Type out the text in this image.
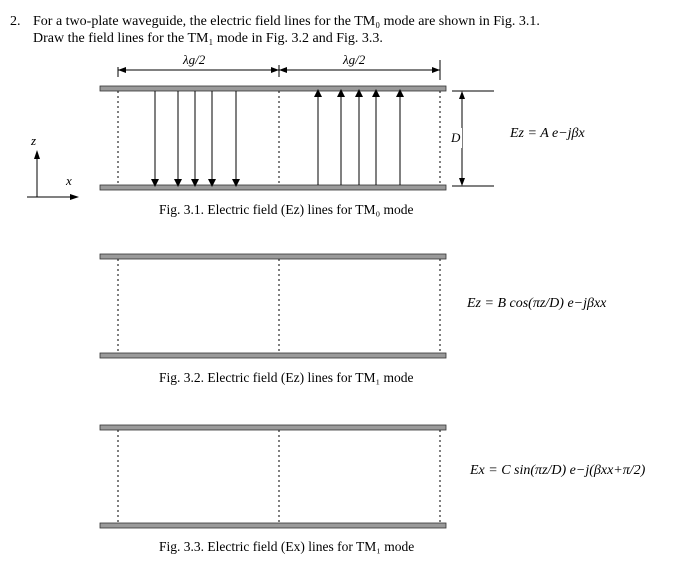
2. For a two-plate waveguide, the electric field lines for the TM₀ mode are shown in Fig. 3.1.
Draw the field lines for the TM₁ mode in Fig. 3.2 and Fig. 3.3.
λg/2	λg/2
D
z
x
Ez = A e−jβx
Fig. 3.1. Electric field (Ez) lines for TM₀ mode
Ez = B cos(πz/D) e−jβxx
Fig. 3.2. Electric field (Ez) lines for TM₁ mode
Ex = C sin(πz/D) e−j(βxx+π/2)
Fig. 3.3. Electric field (Ex) lines for TM₁ mode
